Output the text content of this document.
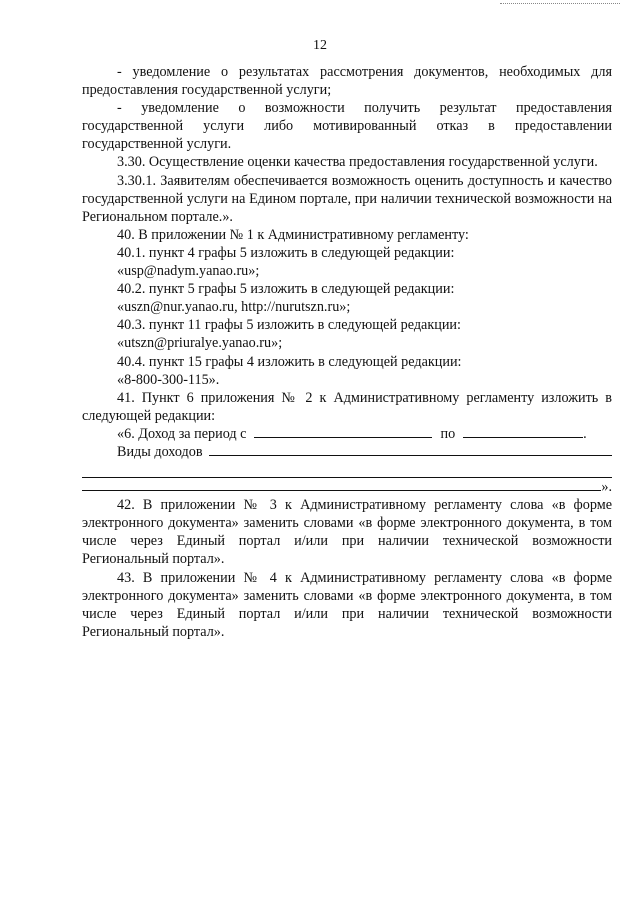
12

- уведомление о результатах рассмотрения документов, необходимых для предоставления государственной услуги;

- уведомление о возможности получить результат предоставления государственной услуги либо мотивированный отказ в предоставлении государственной услуги.

3.30. Осуществление оценки качества предоставления государственной услуги.

3.30.1. Заявителям обеспечивается возможность оценить доступность и качество государственной услуги на Едином портале, при наличии технической возможности на Региональном портале.».

40. В приложении № 1 к Административному регламенту:

40.1. пункт 4 графы 5 изложить в следующей редакции:

«usp@nadym.yanao.ru»;

40.2. пункт 5 графы 5 изложить в следующей редакции:

«uszn@nur.yanao.ru, http://nurutszn.ru»;

40.3. пункт 11 графы 5 изложить в следующей редакции:

«utszn@priuralye.yanao.ru»;

40.4. пункт 15 графы 4 изложить в следующей редакции:

«8-800-300-115».

41. Пункт 6 приложения № 2 к Административному регламенту изложить в следующей редакции:

«6. Доход за период с	по	.
Виды доходов
».

42. В приложении № 3 к Административному регламенту слова «в форме электронного документа» заменить словами «в форме электронного документа, в том числе через Единый портал и/или при наличии технической возможности Региональный портал».

43. В приложении № 4 к Административному регламенту слова «в форме электронного документа» заменить словами «в форме электронного документа, в том числе через Единый портал и/или при наличии технической возможности Региональный портал».
